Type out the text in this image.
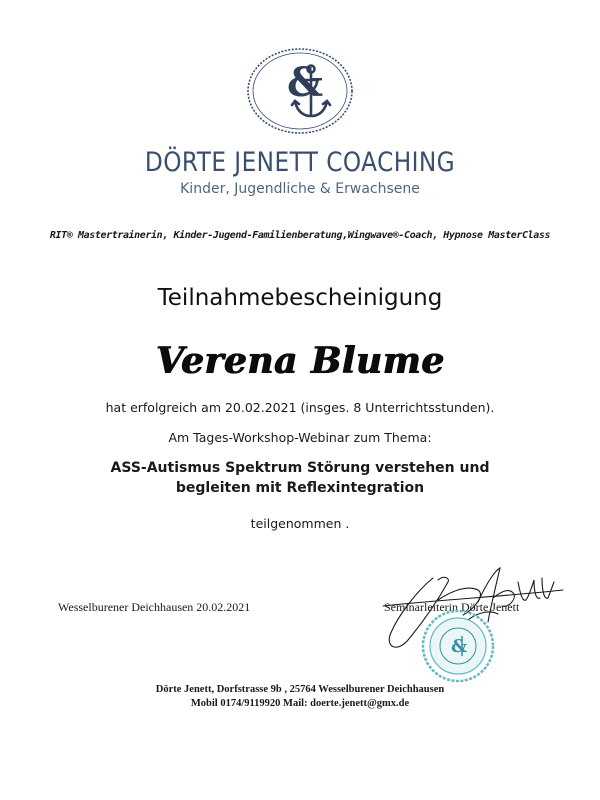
&
DÖRTE JENETT COACHING
Kinder, Jugendliche & Erwachsene
RIT® Mastertrainerin, Kinder-Jugend-Familienberatung,Wingwave®-Coach, Hypnose MasterClass
Teilnahmebescheinigung
Verena Blume
hat erfolgreich am 20.02.2021 (insges. 8 Unterrichtsstunden).
Am Tages-Workshop-Webinar zum Thema:
ASS-Autismus Spektrum Störung verstehen und begleiten mit Reflexintegration
teilgenommen .
Wesselburener Deichhausen 20.02.2021	Seminarleiterin Dörte Jenett
&
Dörte Jenett, Dorfstrasse 9b , 25764 Wesselburener Deichhausen
Mobil 0174/9119920 Mail: doerte.jenett@gmx.de
